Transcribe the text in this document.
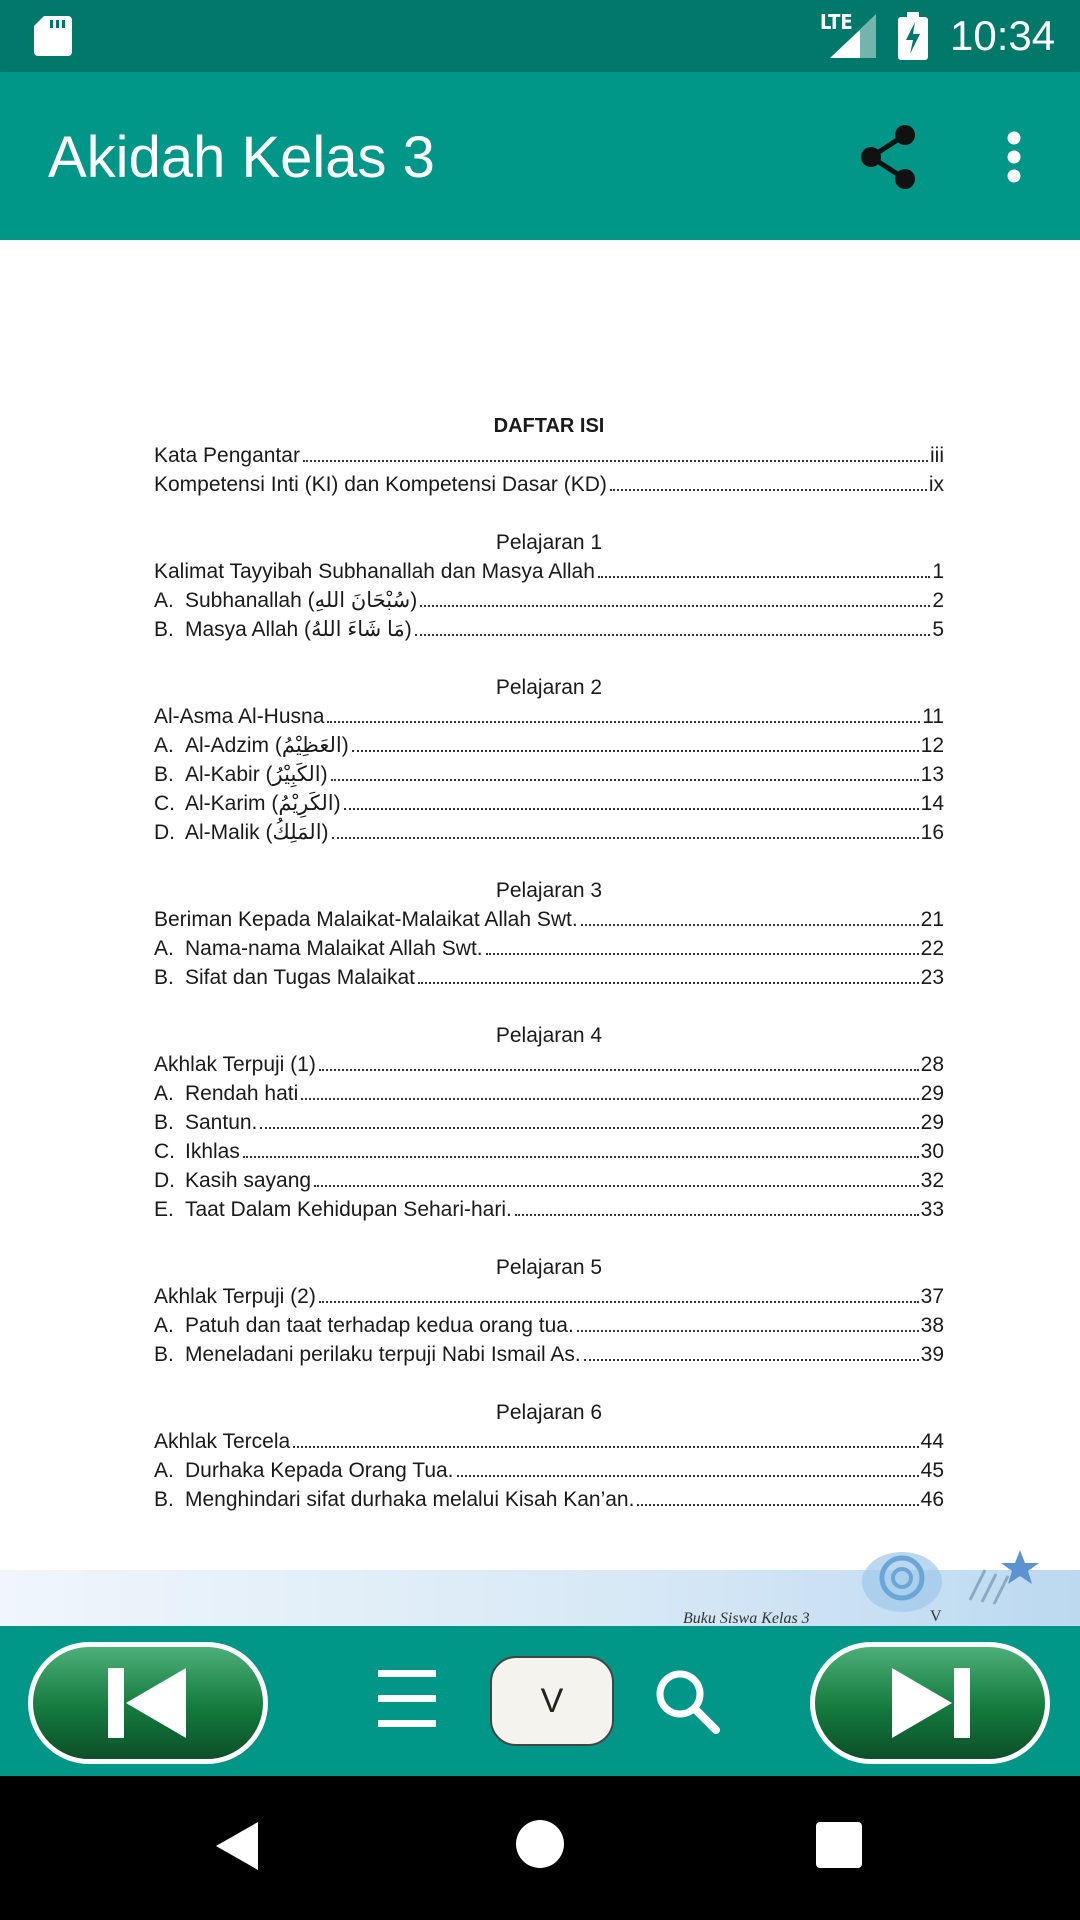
LTE 10:34
Akidah Kelas 3
DAFTAR ISI
Kata Pengantar	iii
Kompetensi Inti (KI) dan Kompetensi Dasar (KD)	ix
Pelajaran 1
Kalimat Tayyibah Subhanallah dan Masya Allah	1
A. Subhanallah (سُبْحَانَ اللهِ)	2
B. Masya Allah (مَا شَاءَ اللهُ)	5
Pelajaran 2
Al-Asma Al-Husna	11
A. Al-Adzim (العَظِيْمُ)	12
B. Al-Kabir (الكَبِيْرُ)	13
C. Al-Karim (الكَرِيْمُ)	14
D. Al-Malik (المَلِكُ)	16
Pelajaran 3
Beriman Kepada Malaikat-Malaikat Allah Swt.	21
A. Nama-nama Malaikat Allah Swt.	22
B. Sifat dan Tugas Malaikat	23
Pelajaran 4
Akhlak Terpuji (1)	28
A. Rendah hati	29
B. Santun.	29
C. Ikhlas	30
D. Kasih sayang	32
E. Taat Dalam Kehidupan Sehari-hari.	33
Pelajaran 5
Akhlak Terpuji (2)	37
A. Patuh dan taat terhadap kedua orang tua.	38
B. Meneladani perilaku terpuji Nabi Ismail As.	39
Pelajaran 6
Akhlak Tercela	44
A. Durhaka Kepada Orang Tua.	45
B. Menghindari sifat durhaka melalui Kisah Kan’an.	46
Buku Siswa Kelas 3	V
V
